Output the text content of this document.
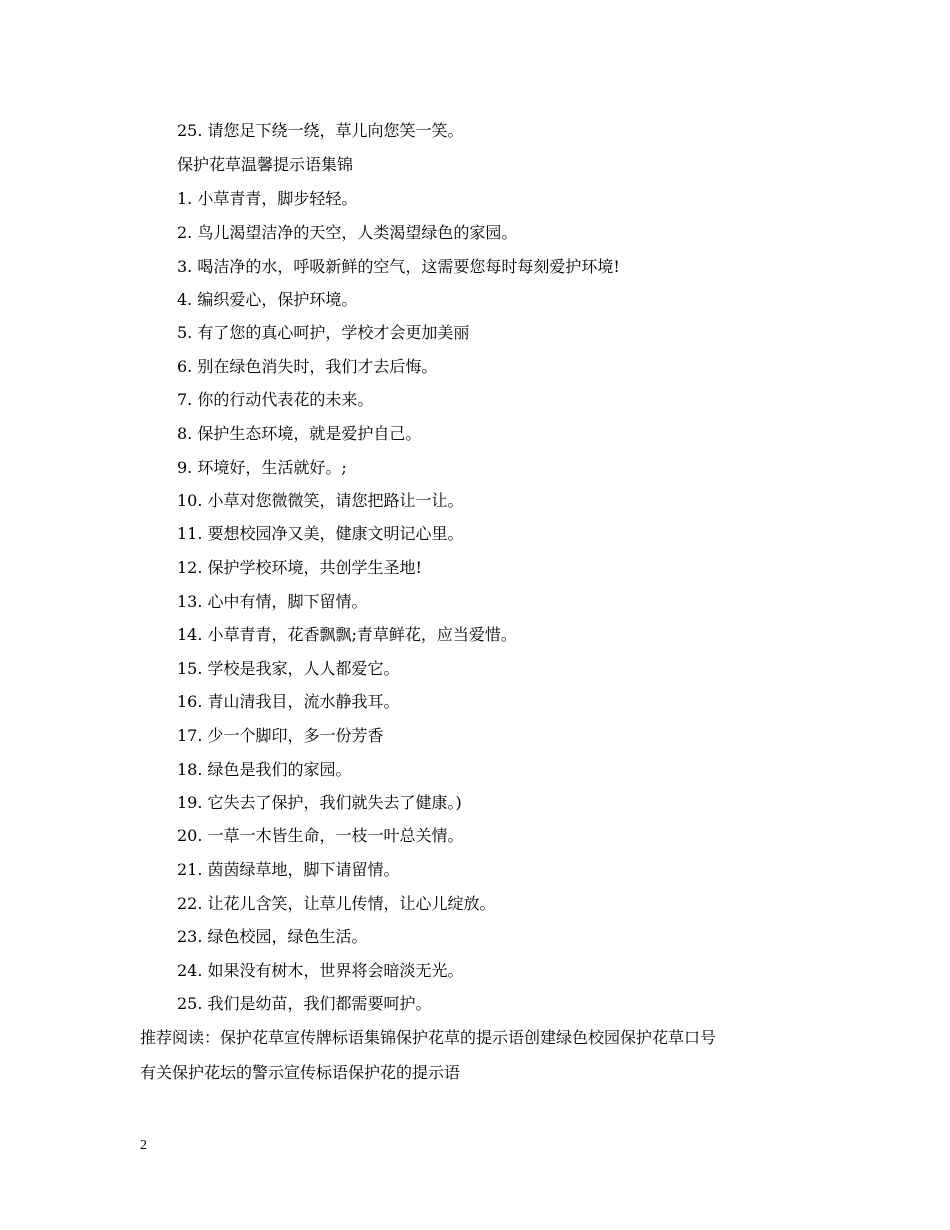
25. 请您足下绕一绕，草儿向您笑一笑。
保护花草温馨提示语集锦
1. 小草青青，脚步轻轻。
2. 鸟儿渴望洁净的天空，人类渴望绿色的家园。
3. 喝洁净的水，呼吸新鲜的空气，这需要您每时每刻爱护环境!
4. 编织爱心，保护环境。
5. 有了您的真心呵护，学校才会更加美丽
6. 别在绿色消失时，我们才去后悔。
7. 你的行动代表花的未来。
8. 保护生态环境，就是爱护自己。
9. 环境好，生活就好。;
10. 小草对您微微笑，请您把路让一让。
11. 要想校园净又美，健康文明记心里。
12. 保护学校环境，共创学生圣地!
13. 心中有情，脚下留情。
14. 小草青青，花香飘飘;青草鲜花，应当爱惜。
15. 学校是我家，人人都爱它。
16. 青山清我目，流水静我耳。
17. 少一个脚印，多一份芳香
18. 绿色是我们的家园。
19. 它失去了保护，我们就失去了健康。)
20. 一草一木皆生命，一枝一叶总关情。
21. 茵茵绿草地，脚下请留情。
22. 让花儿含笑，让草儿传情，让心儿绽放。
23. 绿色校园，绿色生活。
24. 如果没有树木，世界将会暗淡无光。
25. 我们是幼苗，我们都需要呵护。
推荐阅读：保护花草宣传牌标语集锦保护花草的提示语创建绿色校园保护花草口号
有关保护花坛的警示宣传标语保护花的提示语
2
